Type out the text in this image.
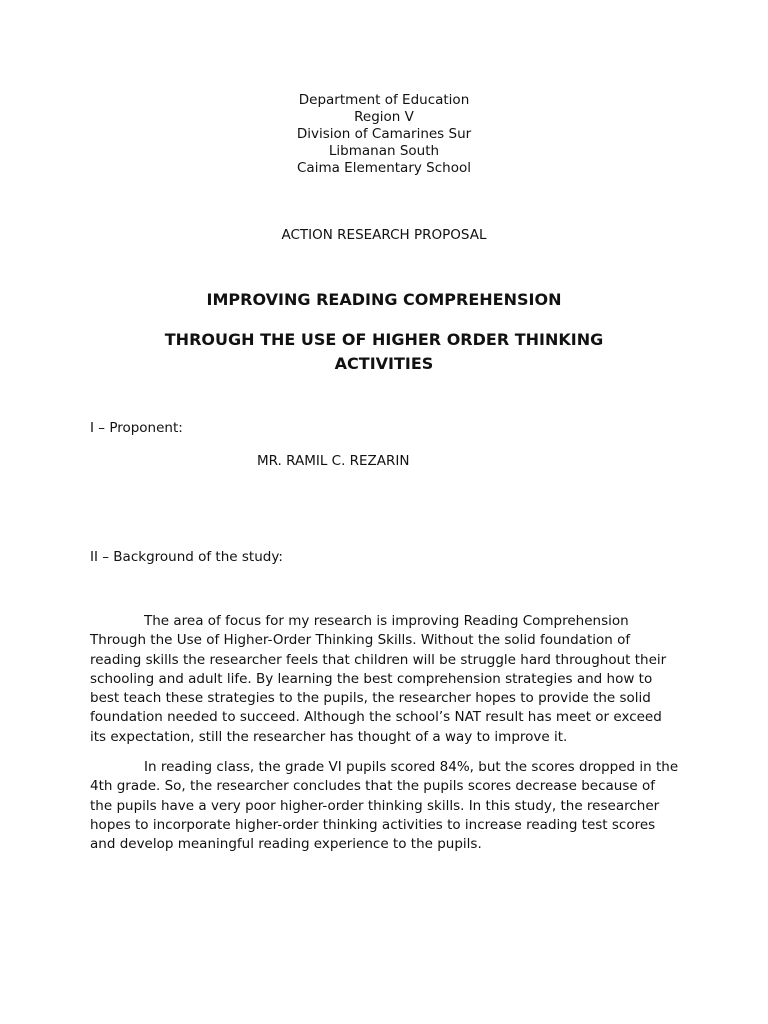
Department of Education
Region V
Division of Camarines Sur
Libmanan South
Caima Elementary School
ACTION RESEARCH PROPOSAL
IMPROVING READING COMPREHENSION
THROUGH THE USE OF HIGHER ORDER THINKING ACTIVITIES
I – Proponent:
MR. RAMIL C. REZARIN
II – Background of the study:
The area of focus for my research is improving Reading Comprehension Through the Use of Higher-Order Thinking Skills. Without the solid foundation of reading skills the researcher feels that children will be struggle hard throughout their schooling and adult life. By learning the best comprehension strategies and how to best teach these strategies to the pupils, the researcher hopes to provide the solid foundation needed to succeed. Although the school’s NAT result has meet or exceed its expectation, still the researcher has thought of a way to improve it.
In reading class, the grade VI pupils scored 84%, but the scores dropped in the 4th grade. So, the researcher concludes that the pupils scores decrease because of the pupils have a very poor higher-order thinking skills. In this study, the researcher hopes to incorporate higher-order thinking activities to increase reading test scores and develop meaningful reading experience to the pupils.
